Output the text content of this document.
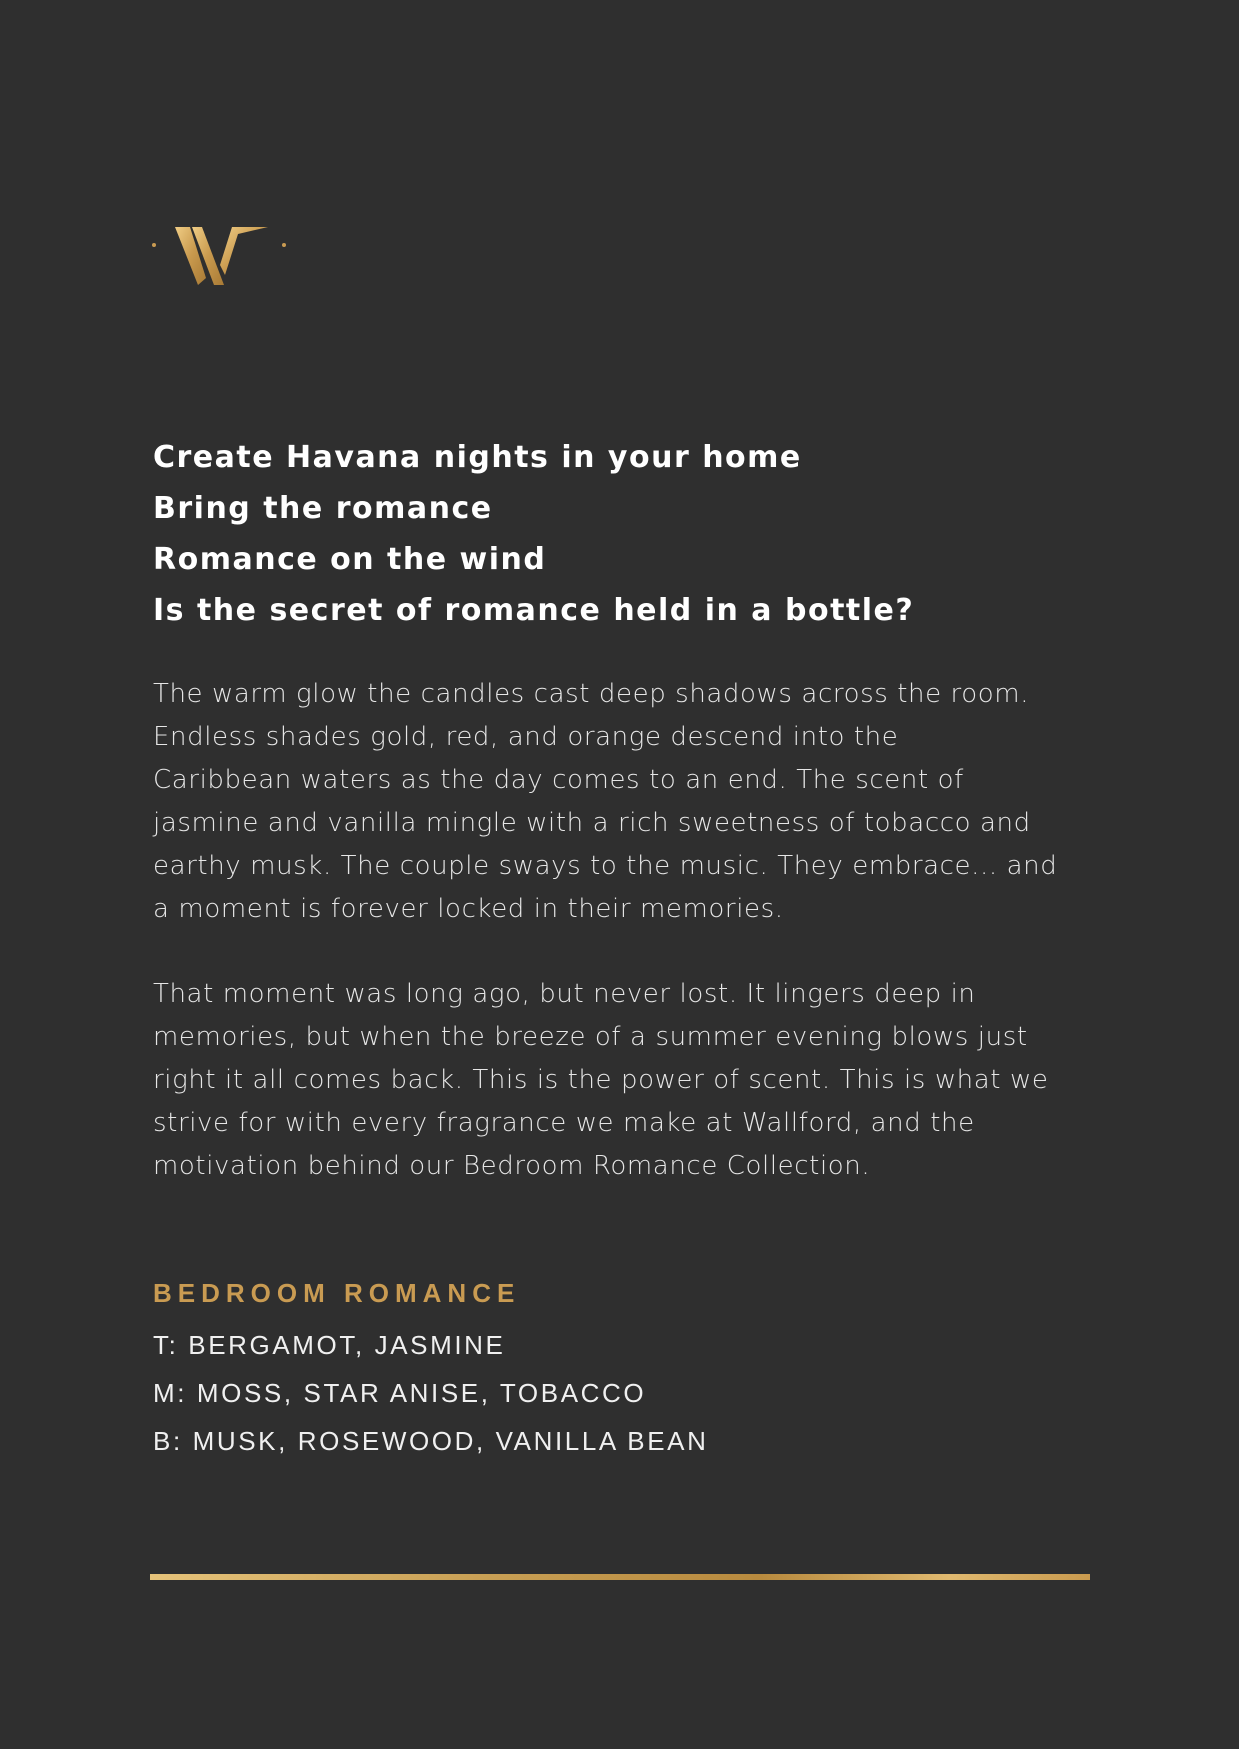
Create Havana nights in your home

Bring the romance

Romance on the wind

Is the secret of romance held in a bottle?

The warm glow the candles cast deep shadows across the room.
Endless shades gold, red, and orange descend into the
Caribbean waters as the day comes to an end. The scent of
jasmine and vanilla mingle with a rich sweetness of tobacco and
earthy musk. The couple sways to the music. They embrace... and
a moment is forever locked in their memories.
That moment was long ago, but never lost. It lingers deep in
memories, but when the breeze of a summer evening blows just
right it all comes back. This is the power of scent. This is what we
strive for with every fragrance we make at Wallford, and the
motivation behind our Bedroom Romance Collection.

BEDROOM ROMANCE

T: BERGAMOT, JASMINE

M: MOSS, STAR ANISE, TOBACCO

B: MUSK, ROSEWOOD, VANILLA BEAN
